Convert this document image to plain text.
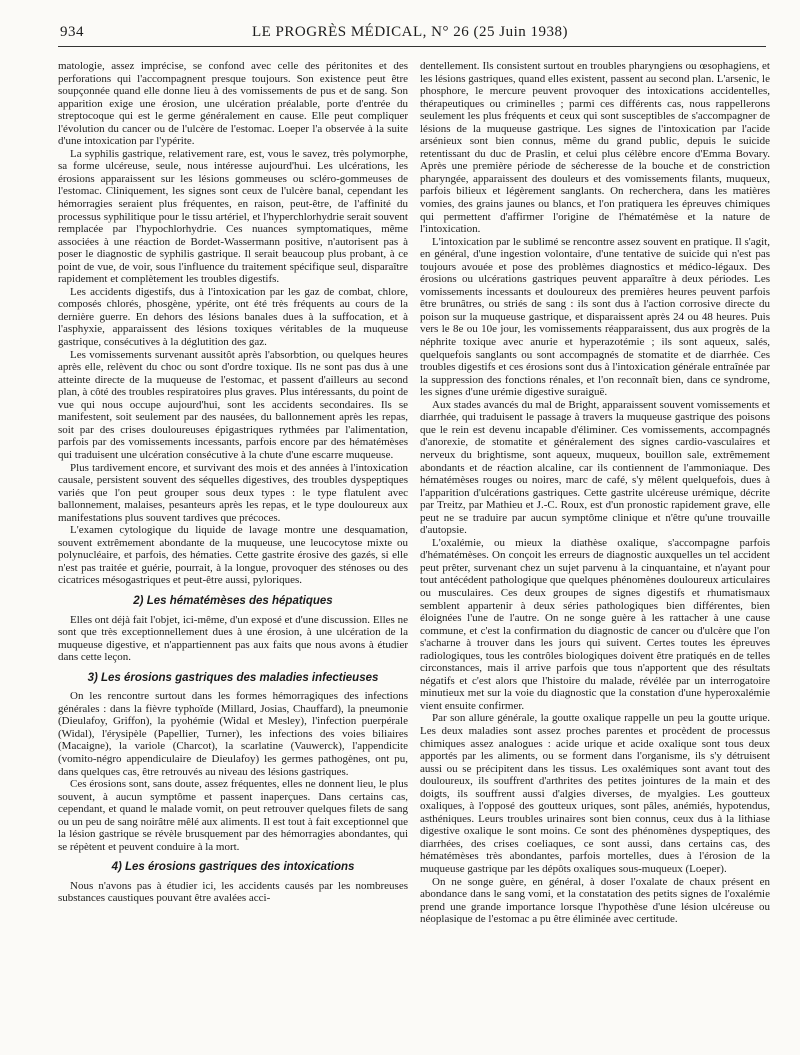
934	LE PROGRÈS MÉDICAL, N° 26 (25 Juin 1938)

matologie, assez imprécise, se confond avec celle des péritonites et des perforations qui l'accompagnent presque toujours. Son existence peut être soupçonnée quand elle donne lieu à des vomissements de pus et de sang. Son apparition exige une érosion, une ulcération préalable, porte d'entrée du streptocoque qui est le germe généralement en cause. Elle peut compliquer l'évolution du cancer ou de l'ulcère de l'estomac. Loeper l'a observée à la suite d'une intoxication par l'ypérite.

La syphilis gastrique, relativement rare, est, vous le savez, très polymorphe, sa forme ulcéreuse, seule, nous intéresse aujourd'hui. Les ulcérations, les érosions apparaissent sur les lésions gommeuses ou scléro-gommeuses de l'estomac. Cliniquement, les signes sont ceux de l'ulcère banal, cependant les hémorragies seraient plus fréquentes, en raison, peut-être, de l'affinité du processus syphilitique pour le tissu artériel, et l'hyperchlorhydrie serait souvent remplacée par l'hypochlorhydrie. Ces nuances symptomatiques, même associées à une réaction de Bordet-Wassermann positive, n'autorisent pas à poser le diagnostic de syphilis gastrique. Il serait beaucoup plus probant, à ce point de vue, de voir, sous l'influence du traitement spécifique seul, disparaître rapidement et complètement les troubles digestifs.

Les accidents digestifs, dus à l'intoxication par les gaz de combat, chlore, composés chlorés, phosgène, ypérite, ont été très fréquents au cours de la dernière guerre. En dehors des lésions banales dues à la suffocation, et à l'asphyxie, apparaissent des lésions toxiques véritables de la muqueuse gastrique, consécutives à la déglutition des gaz.

Les vomissements survenant aussitôt après l'absorbtion, ou quelques heures après elle, relèvent du choc ou sont d'ordre toxique. Ils ne sont pas dus à une atteinte directe de la muqueuse de l'estomac, et passent d'ailleurs au second plan, à côté des troubles respiratoires plus graves. Plus intéressants, du point de vue qui nous occupe aujourd'hui, sont les accidents secondaires. Ils se manifestent, soit seulement par des nausées, du ballonnement après les repas, soit par des crises douloureuses épigastriques rythmées par l'alimentation, parfois par des vomissements incessants, parfois encore par des hématémèses qui traduisent une ulcération consécutive à la chute d'une escarre muqueuse.

Plus tardivement encore, et survivant des mois et des années à l'intoxication causale, persistent souvent des séquelles digestives, des troubles dyspeptiques variés que l'on peut grouper sous deux types : le type flatulent avec ballonnement, malaises, pesanteurs après les repas, et le type douloureux aux manifestations plus souvent tardives que précoces.

L'examen cytologique du liquide de lavage montre une desquamation, souvent extrêmement abondante de la muqueuse, une leucocytose mixte ou polynucléaire, et parfois, des hématies. Cette gastrite érosive des gazés, si elle n'est pas traitée et guérie, pourrait, à la longue, provoquer des sténoses ou des cicatrices mésogastriques et peut-être aussi, pyloriques.

2) Les hématémèses des hépatiques

Elles ont déjà fait l'objet, ici-même, d'un exposé et d'une discussion. Elles ne sont que très exceptionnellement dues à une érosion, à une ulcération de la muqueuse digestive, et n'appartiennent pas aux faits que nous avons à étudier dans cette leçon.

3) Les érosions gastriques des maladies infectieuses

On les rencontre surtout dans les formes hémorragiques des infections générales : dans la fièvre typhoïde (Millard, Josias, Chauffard), la pneumonie (Dieulafoy, Griffon), la pyohémie (Widal et Mesley), l'infection puerpérale (Widal), l'érysipèle (Papellier, Turner), les infections des voies biliaires (Macaigne), la variole (Charcot), la scarlatine (Vauwerck), l'appendicite (vomito-négro appendiculaire de Dieulafoy) les germes pathogènes, ont pu, dans quelques cas, être retrouvés au niveau des lésions gastriques.

Ces érosions sont, sans doute, assez fréquentes, elles ne donnent lieu, le plus souvent, à aucun symptôme et passent inaperçues. Dans certains cas, cependant, et quand le malade vomit, on peut retrouver quelques filets de sang ou un peu de sang noirâtre mêlé aux aliments. Il est tout à fait exceptionnel que la lésion gastrique se révèle brusquement par des hémorragies abondantes, qui se répètent et peuvent conduire à la mort.

4) Les érosions gastriques des intoxications

Nous n'avons pas à étudier ici, les accidents causés par les nombreuses substances caustiques pouvant être avalées acci-

dentellement. Ils consistent surtout en troubles pharyngiens ou œsophagiens, et les lésions gastriques, quand elles existent, passent au second plan. L'arsenic, le phosphore, le mercure peuvent provoquer des intoxications accidentelles, thérapeutiques ou criminelles ; parmi ces différents cas, nous rappellerons seulement les plus fréquents et ceux qui sont susceptibles de s'accompagner de lésions de la muqueuse gastrique. Les signes de l'intoxication par l'acide arsénieux sont bien connus, même du grand public, depuis le suicide retentissant du duc de Praslin, et celui plus célèbre encore d'Emma Bovary. Après une première période de sécheresse de la bouche et de constriction pharyngée, apparaissent des douleurs et des vomissements filants, muqueux, parfois bilieux et légèrement sanglants. On recherchera, dans les matières vomies, des grains jaunes ou blancs, et l'on pratiquera les épreuves chimiques qui permettent d'affirmer l'origine de l'hématémèse et la nature de l'intoxication.

L'intoxication par le sublimé se rencontre assez souvent en pratique. Il s'agit, en général, d'une ingestion volontaire, d'une tentative de suicide qui n'est pas toujours avouée et pose des problèmes diagnostics et médico-légaux. Des érosions ou ulcérations gastriques peuvent apparaître à deux périodes. Les vomissements incessants et douloureux des premières heures peuvent parfois être brunâtres, ou striés de sang : ils sont dus à l'action corrosive directe du poison sur la muqueuse gastrique, et disparaissent après 24 ou 48 heures. Puis vers le 8e ou 10e jour, les vomissements réapparaissent, dus aux progrès de la néphrite toxique avec anurie et hyperazotémie ; ils sont aqueux, salés, quelquefois sanglants ou sont accompagnés de stomatite et de diarrhée. Ces troubles digestifs et ces érosions sont dus à l'intoxication générale entraînée par la suppression des fonctions rénales, et l'on reconnaît bien, dans ce syndrome, les signes d'une urémie digestive suraiguë.

Aux stades avancés du mal de Bright, apparaissent souvent vomissements et diarrhée, qui traduisent le passage à travers la muqueuse gastrique des poisons que le rein est devenu incapable d'éliminer. Ces vomissements, accompagnés d'anorexie, de stomatite et généralement des signes cardio-vasculaires et nerveux du brightisme, sont aqueux, muqueux, bouillon sale, extrêmement abondants et de réaction alcaline, car ils contiennent de l'ammoniaque. Des hématémèses rouges ou noires, marc de café, s'y mêlent quelquefois, dues à l'apparition d'ulcérations gastriques. Cette gastrite ulcéreuse urémique, décrite par Treitz, par Mathieu et J.-C. Roux, est d'un pronostic rapidement grave, elle peut ne se traduire par aucun symptôme clinique et n'être qu'une trouvaille d'autopsie.

L'oxalémie, ou mieux la diathèse oxalique, s'accompagne parfois d'hématémèses. On conçoit les erreurs de diagnostic auxquelles un tel accident peut prêter, survenant chez un sujet parvenu à la cinquantaine, et n'ayant pour tout antécédent pathologique que quelques phénomènes douloureux articulaires ou musculaires. Ces deux groupes de signes digestifs et rhumatismaux semblent appartenir à deux séries pathologiques bien différentes, bien éloignées l'une de l'autre. On ne songe guère à les rattacher à une cause commune, et c'est la confirmation du diagnostic de cancer ou d'ulcère que l'on s'acharne à trouver dans les jours qui suivent. Certes toutes les épreuves radiologiques, tous les contrôles biologiques doivent être pratiqués en de telles circonstances, mais il arrive parfois que tous n'apportent que des résultats négatifs et c'est alors que l'histoire du malade, révélée par un interrogatoire minutieux met sur la voie du diagnostic que la constation d'une hyperoxalémie vient ensuite confirmer.

Par son allure générale, la goutte oxalique rappelle un peu la goutte urique. Les deux maladies sont assez proches parentes et procèdent de processus chimiques assez analogues : acide urique et acide oxalique sont tous deux apportés par les aliments, ou se forment dans l'organisme, ils s'y détruisent aussi ou se précipitent dans les tissus. Les oxalémiques sont avant tout des douloureux, ils souffrent d'arthrites des petites jointures de la main et des doigts, ils souffrent aussi d'algies diverses, de myalgies. Les goutteux oxaliques, à l'opposé des goutteux uriques, sont pâles, anémiés, hypotendus, asthéniques. Leurs troubles urinaires sont bien connus, ceux dus à la lithiase digestive oxalique le sont moins. Ce sont des phénomènes dyspeptiques, des diarrhées, des crises coeliaques, ce sont aussi, dans certains cas, des hématémèses très abondantes, parfois mortelles, dues à l'érosion de la muqueuse gastrique par les dépôts oxaliques sous-muqueux (Loeper).

On ne songe guère, en général, à doser l'oxalate de chaux présent en abondance dans le sang vomi, et la constatation des petits signes de l'oxalémie prend une grande importance lorsque l'hypothèse d'une lésion ulcéreuse ou néoplasique de l'estomac a pu être éliminée avec certitude.
